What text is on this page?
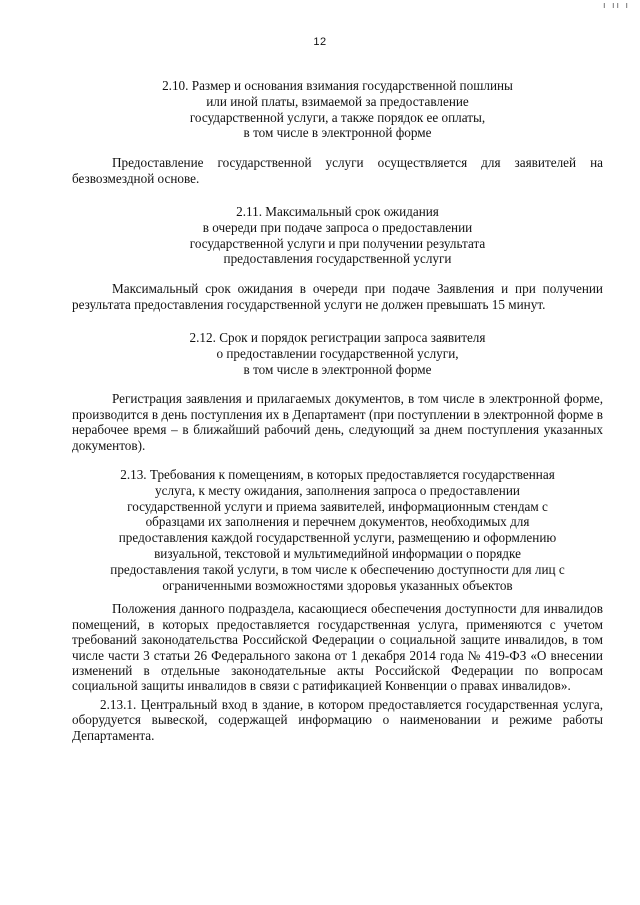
ı ıı ı
12
2.10. Размер и основания взимания государственной пошлины
или иной платы, взимаемой за предоставление
государственной услуги, а также порядок ее оплаты,
в том числе в электронной форме

Предоставление государственной услуги осуществляется для заявителей на безвозмездной основе.

2.11. Максимальный срок ожидания
в очереди при подаче запроса о предоставлении
государственной услуги и при получении результата
предоставления государственной услуги

Максимальный срок ожидания в очереди при подаче Заявления и при получении результата предоставления государственной услуги не должен превышать 15 минут.

2.12. Срок и порядок регистрации запроса заявителя
о предоставлении государственной услуги,
в том числе в электронной форме

Регистрация заявления и прилагаемых документов, в том числе в электронной форме, производится в день поступления их в Департамент (при поступлении в электронной форме в нерабочее время – в ближайший рабочий день, следующий за днем поступления указанных документов).

2.13. Требования к помещениям, в которых предоставляется государственная
услуга, к месту ожидания, заполнения запроса о предоставлении
государственной услуги и приема заявителей, информационным стендам с
образцами их заполнения и перечнем документов, необходимых для
предоставления каждой государственной услуги, размещению и оформлению
визуальной, текстовой и мультимедийной информации о порядке
предоставления такой услуги, в том числе к обеспечению доступности для лиц с
ограниченными возможностями здоровья указанных объектов

Положения данного подраздела, касающиеся обеспечения доступности для инвалидов помещений, в которых предоставляется государственная услуга, применяются с учетом требований законодательства Российской Федерации о социальной защите инвалидов, в том числе части 3 статьи 26 Федерального закона от 1 декабря 2014 года № 419-ФЗ «О внесении изменений в отдельные законодательные акты Российской Федерации по вопросам социальной защиты инвалидов в связи с ратификацией Конвенции о правах инвалидов».

2.13.1. Центральный вход в здание, в котором предоставляется государственная услуга, оборудуется вывеской, содержащей информацию о наименовании и режиме работы Департамента.
